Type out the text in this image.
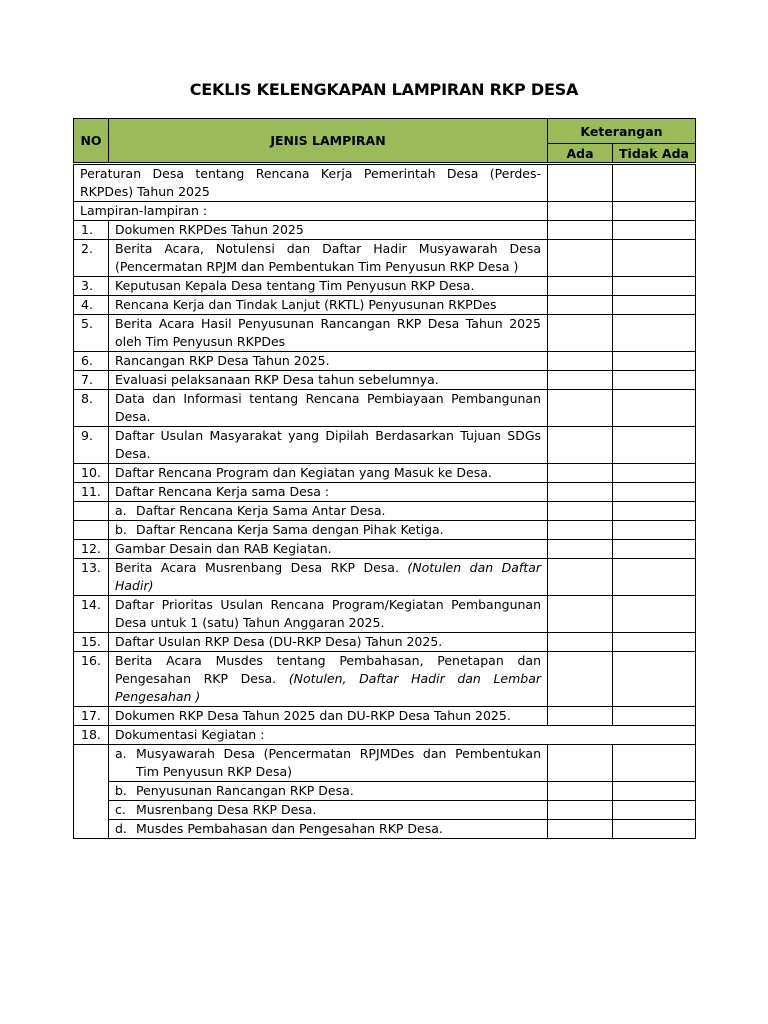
CEKLIS KELENGKAPAN LAMPIRAN RKP DESA
NO	JENIS LAMPIRAN	Keterangan	
		Ada	Tidak Ada
Peraturan Desa tentang Rencana Kerja Pemerintah Desa (Perdes-RKPDes) Tahun 2025			
Lampiran-lampiran :			
1.	Dokumen RKPDes Tahun 2025		
2.	Berita Acara, Notulensi dan Daftar Hadir Musyawarah Desa (Pencermatan RPJM dan Pembentukan Tim Penyusun RKP Desa )		
3.	Keputusan Kepala Desa tentang Tim Penyusun RKP Desa.		
4.	Rencana Kerja dan Tindak Lanjut (RKTL) Penyusunan RKPDes		
5.	Berita Acara Hasil Penyusunan Rancangan RKP Desa Tahun 2025 oleh Tim Penyusun RKPDes		
6.	Rancangan RKP Desa Tahun 2025.		
7.	Evaluasi pelaksanaan RKP Desa tahun sebelumnya.		
8.	Data dan Informasi tentang Rencana Pembiayaan Pembangunan Desa.		
9.	Daftar Usulan Masyarakat yang Dipilah Berdasarkan Tujuan SDGs Desa.		
10.	Daftar Rencana Program dan Kegiatan yang Masuk ke Desa.		
11.	Daftar Rencana Kerja sama Desa :		

	a. Daftar Rencana Kerja Sama Antar Desa.		

	b. Daftar Rencana Kerja Sama dengan Pihak Ketiga.		

12.	Gambar Desain dan RAB Kegiatan.		
13.	Berita Acara Musrenbang Desa RKP Desa. (Notulen dan Daftar Hadir)		
14.	Daftar Prioritas Usulan Rencana Program/Kegiatan Pembangunan Desa untuk 1 (satu) Tahun Anggaran 2025.		
15.	Daftar Usulan RKP Desa (DU-RKP Desa) Tahun 2025.		
16.	Berita Acara Musdes tentang Pembahasan, Penetapan dan Pengesahan RKP Desa. (Notulen, Daftar Hadir dan Lembar Pengesahan )		
17.	Dokumen RKP Desa Tahun 2025 dan DU-RKP Desa Tahun 2025.		
18.	Dokumentasi Kegiatan :		

	a. Musyawarah Desa (Pencermatan RPJMDes dan Pembentukan Tim Penyusun RKP Desa)		

	b. Penyusunan Rancangan RKP Desa.		

	c. Musrenbang Desa RKP Desa.		

	d. Musdes Pembahasan dan Pengesahan RKP Desa.		
